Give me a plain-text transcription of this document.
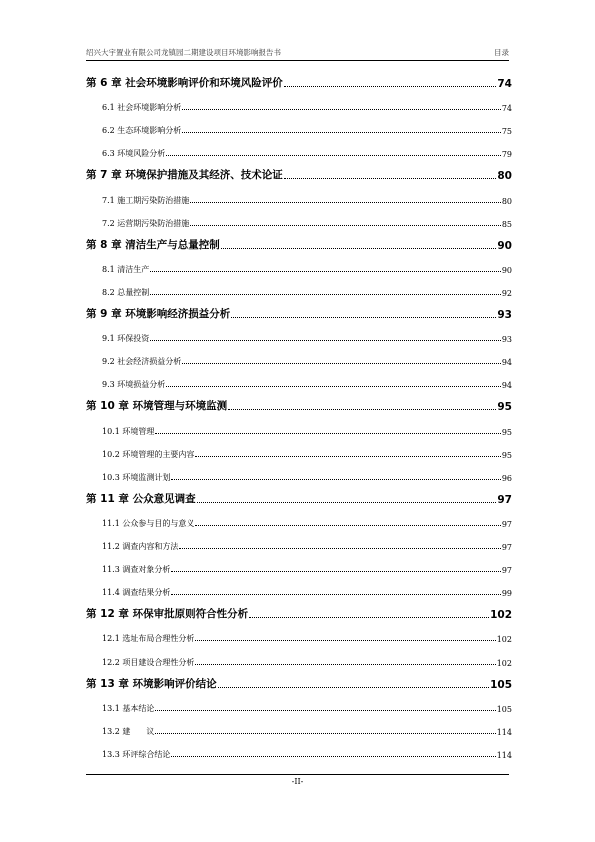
绍兴大宇置业有限公司龙镇园二期建设项目环境影响报告书	目录
第 6 章 社会环境影响评价和环境风险评价	74
6.1 社会环境影响分析	74
6.2 生态环境影响分析	75
6.3 环境风险分析	79
第 7 章 环境保护措施及其经济、技术论证	80
7.1 施工期污染防治措施	80
7.2 运营期污染防治措施	85
第 8 章 清洁生产与总量控制	90
8.1 清洁生产	90
8.2 总量控制	92
第 9 章 环境影响经济损益分析	93
9.1 环保投资	93
9.2 社会经济损益分析	94
9.3 环境损益分析	94
第 10 章 环境管理与环境监测	95
10.1 环境管理	95
10.2 环境管理的主要内容	95
10.3 环境监测计划	96
第 11 章 公众意见调查	97
11.1 公众参与目的与意义	97
11.2 调查内容和方法	97
11.3 调查对象分析	97
11.4 调查结果分析	99
第 12 章 环保审批原则符合性分析	102
12.1 选址布局合理性分析	102
12.2 项目建设合理性分析	102
第 13 章 环境影响评价结论	105
13.1 基本结论	105
13.2 建　　议	114
13.3 环评综合结论	114
-II-
